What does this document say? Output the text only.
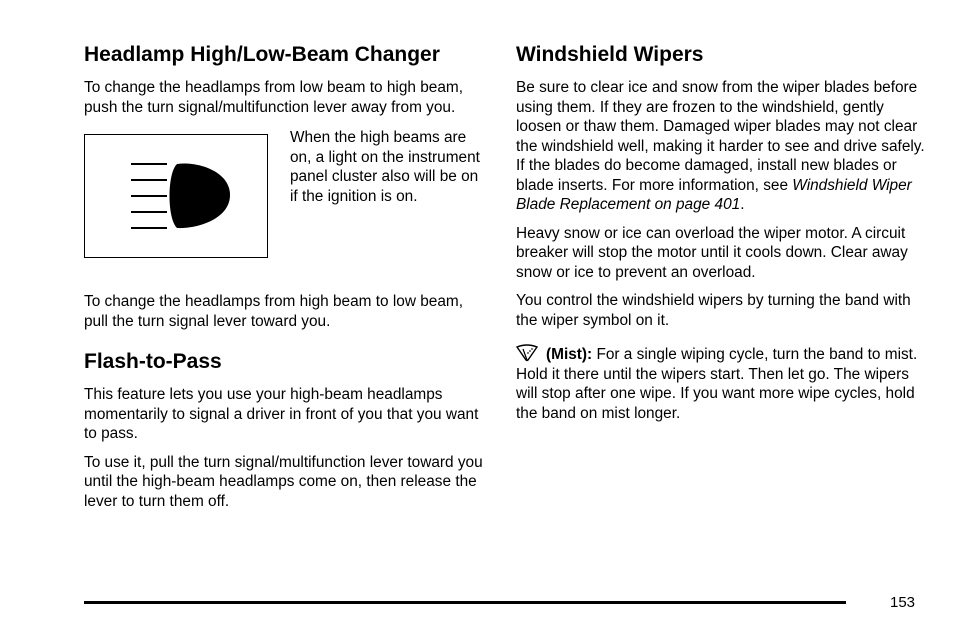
Headlamp High/Low-Beam Changer

To change the headlamps from low beam to high beam, push the turn signal/multifunction lever away from you.

When the high beams are on, a light on the instrument panel cluster also will be on if the ignition is on.

To change the headlamps from high beam to low beam, pull the turn signal lever toward you.

Flash-to-Pass

This feature lets you use your high-beam headlamps momentarily to signal a driver in front of you that you want to pass.

To use it, pull the turn signal/multifunction lever toward you until the high-beam headlamps come on, then release the lever to turn them off.

Windshield Wipers

Be sure to clear ice and snow from the wiper blades before using them. If they are frozen to the windshield, gently loosen or thaw them. Damaged wiper blades may not clear the windshield well, making it harder to see and drive safely. If the blades do become damaged, install new blades or blade inserts. For more information, see Windshield Wiper Blade Replacement on page 401.

Heavy snow or ice can overload the wiper motor. A circuit breaker will stop the motor until it cools down. Clear away snow or ice to prevent an overload.

You control the windshield wipers by turning the band with the wiper symbol on it.

(Mist): For a single wiping cycle, turn the band to mist. Hold it there until the wipers start. Then let go. The wipers will stop after one wipe. If you want more wipe cycles, hold the band on mist longer.

153
